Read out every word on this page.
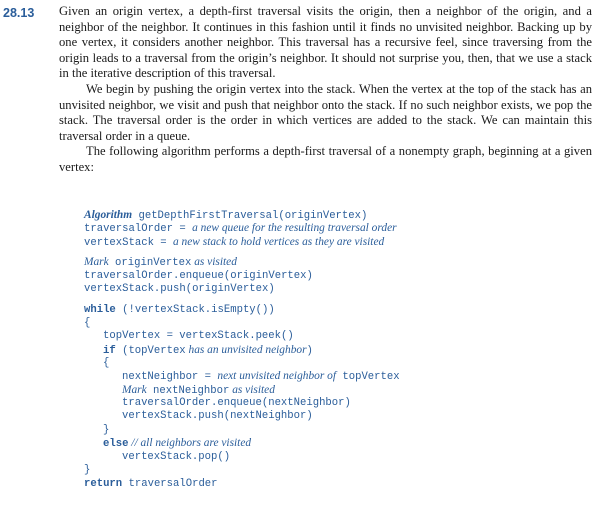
28.13 Given an origin vertex, a depth-first traversal visits the origin, then a neighbor of the origin, and a neighbor of the neighbor. It continues in this fashion until it finds no unvisited neighbor. Backing up by one vertex, it considers another neighbor. This traversal has a recursive feel, since traversing from the origin leads to a traversal from the origin’s neighbor. It should not surprise you, then, that we use a stack in the iterative description of this traversal.

We begin by pushing the origin vertex into the stack. When the vertex at the top of the stack has an unvisited neighbor, we visit and push that neighbor onto the stack. If no such neighbor exists, we pop the stack. The traversal order is the order in which vertices are added to the stack. We can maintain this traversal order in a queue.

The following algorithm performs a depth-first traversal of a nonempty graph, beginning at a given vertex:

Algorithm getDepthFirstTraversal(originVertex)
traversalOrder = a new queue for the resulting traversal order
vertexStack = a new stack to hold vertices as they are visited
Mark originVertex as visited
traversalOrder.enqueue(originVertex)
vertexStack.push(originVertex)
while (!vertexStack.isEmpty())
{
topVertex = vertexStack.peek()
if (topVertex has an unvisited neighbor)
{
nextNeighbor = next unvisited neighbor of topVertex
Mark nextNeighbor as visited
traversalOrder.enqueue(nextNeighbor)
vertexStack.push(nextNeighbor)
}
else // all neighbors are visited
vertexStack.pop()
}
return traversalOrder
